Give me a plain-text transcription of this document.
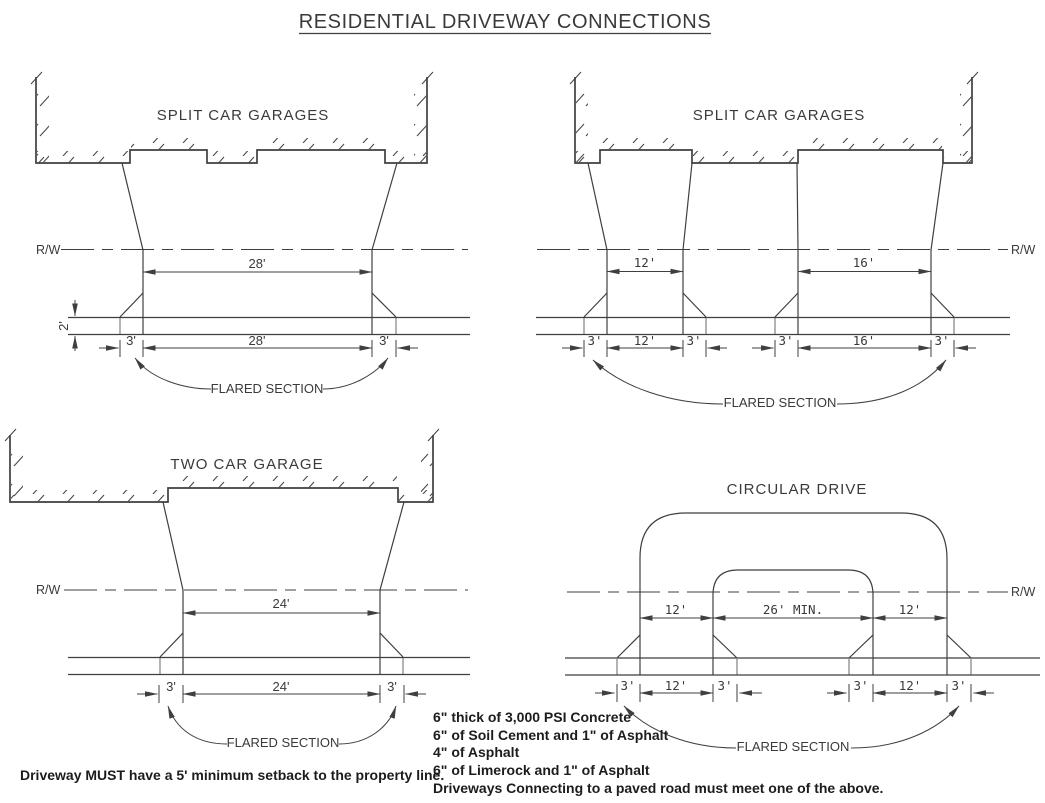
RESIDENTIAL DRIVEWAY CONNECTIONS
SPLIT CAR GARAGES
R/W
28'
2'
3'	28'	3'
FLARED SECTION
SPLIT CAR GARAGES
R/W
12'	16'
3' 12' 3'	3'	16'	3'
FLARED SECTION
TWO CAR GARAGE
R/W
24'
3'	24'	3'
FLARED SECTION
Driveway MUST have a 5' minimum setback to the property line.
CIRCULAR DRIVE
R/W
12'	26' MIN.	12'
3' 12' 3'	3' 12' 3'
FLARED SECTION
6" thick of 3,000 PSI Concrete
6" of Soil Cement and 1" of Asphalt
4" of Asphalt
6" of Limerock and 1" of Asphalt
Driveways Connecting to a paved road must meet one of the above.
